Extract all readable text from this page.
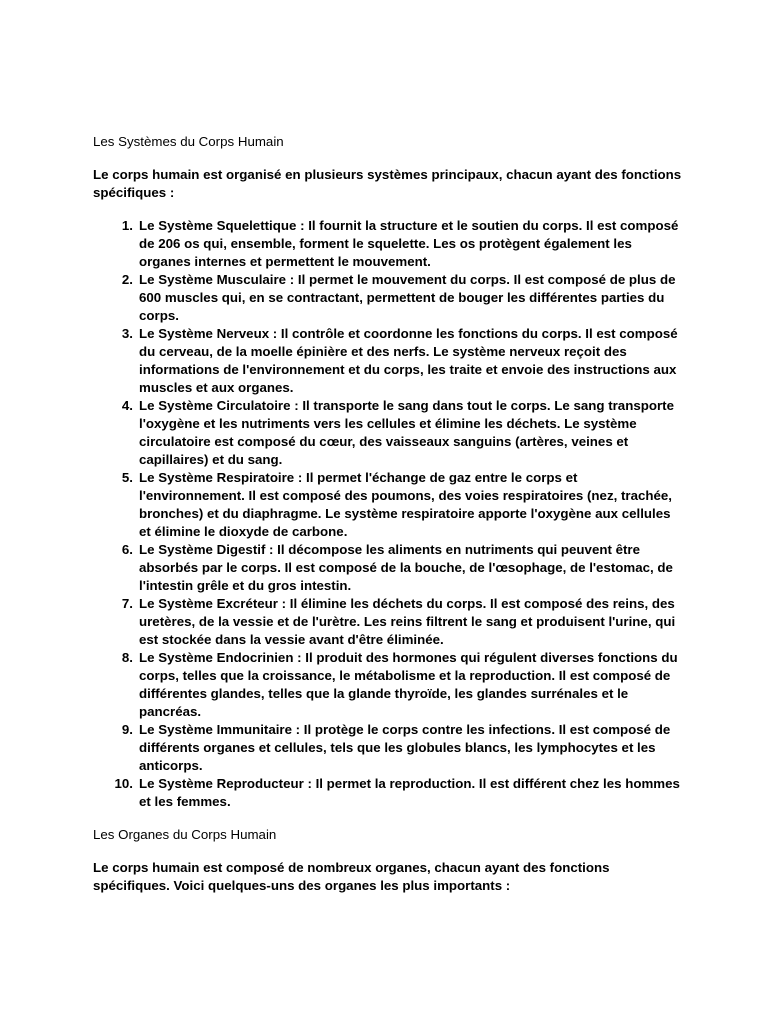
Les Systèmes du Corps Humain

Le corps humain est organisé en plusieurs systèmes principaux, chacun ayant des fonctions spécifiques :

1. Le Système Squelettique : Il fournit la structure et le soutien du corps. Il est composé de 206 os qui, ensemble, forment le squelette. Les os protègent également les organes internes et permettent le mouvement.
2. Le Système Musculaire : Il permet le mouvement du corps. Il est composé de plus de 600 muscles qui, en se contractant, permettent de bouger les différentes parties du corps.
3. Le Système Nerveux : Il contrôle et coordonne les fonctions du corps. Il est composé du cerveau, de la moelle épinière et des nerfs. Le système nerveux reçoit des informations de l'environnement et du corps, les traite et envoie des instructions aux muscles et aux organes.
4. Le Système Circulatoire : Il transporte le sang dans tout le corps. Le sang transporte l'oxygène et les nutriments vers les cellules et élimine les déchets. Le système circulatoire est composé du cœur, des vaisseaux sanguins (artères, veines et capillaires) et du sang.
5. Le Système Respiratoire : Il permet l'échange de gaz entre le corps et l'environnement. Il est composé des poumons, des voies respiratoires (nez, trachée, bronches) et du diaphragme. Le système respiratoire apporte l'oxygène aux cellules et élimine le dioxyde de carbone.
6. Le Système Digestif : Il décompose les aliments en nutriments qui peuvent être absorbés par le corps. Il est composé de la bouche, de l'œsophage, de l'estomac, de l'intestin grêle et du gros intestin.
7. Le Système Excréteur : Il élimine les déchets du corps. Il est composé des reins, des uretères, de la vessie et de l'urètre. Les reins filtrent le sang et produisent l'urine, qui est stockée dans la vessie avant d'être éliminée.
8. Le Système Endocrinien : Il produit des hormones qui régulent diverses fonctions du corps, telles que la croissance, le métabolisme et la reproduction. Il est composé de différentes glandes, telles que la glande thyroïde, les glandes surrénales et le pancréas.
9. Le Système Immunitaire : Il protège le corps contre les infections. Il est composé de différents organes et cellules, tels que les globules blancs, les lymphocytes et les anticorps.
10. Le Système Reproducteur : Il permet la reproduction. Il est différent chez les hommes et les femmes.
Les Organes du Corps Humain

Le corps humain est composé de nombreux organes, chacun ayant des fonctions spécifiques. Voici quelques-uns des organes les plus importants :
